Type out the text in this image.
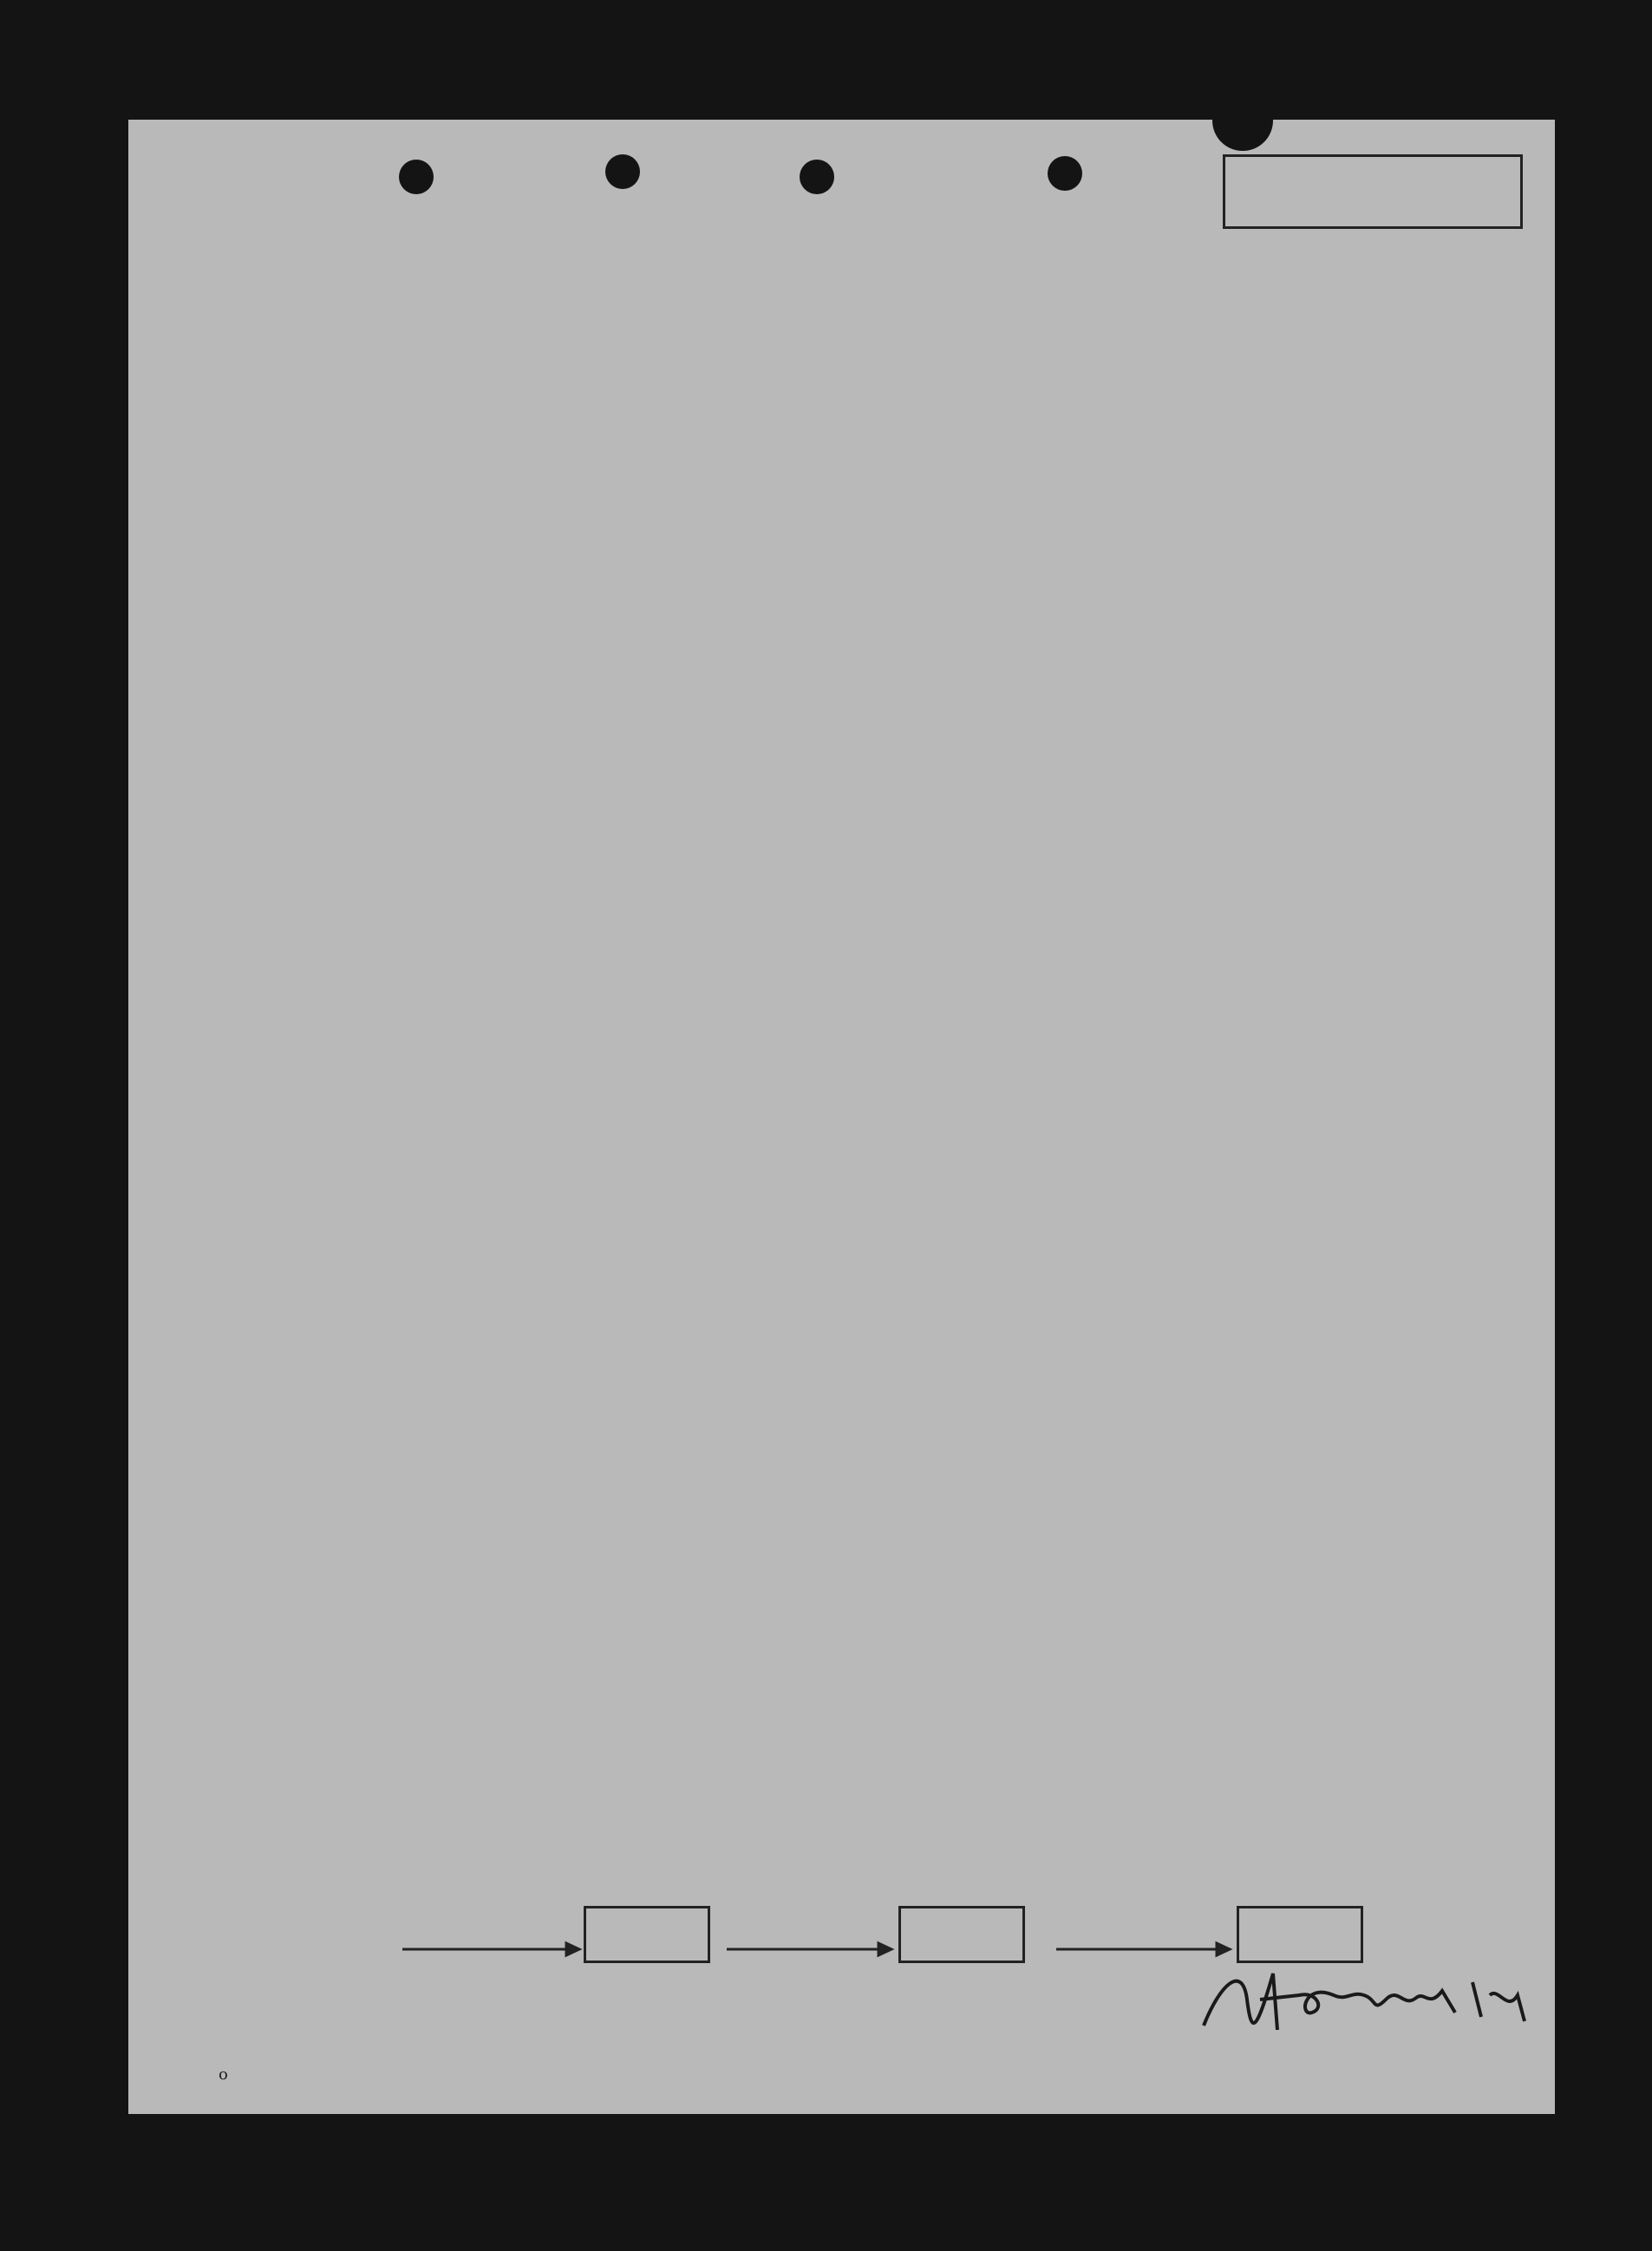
o
